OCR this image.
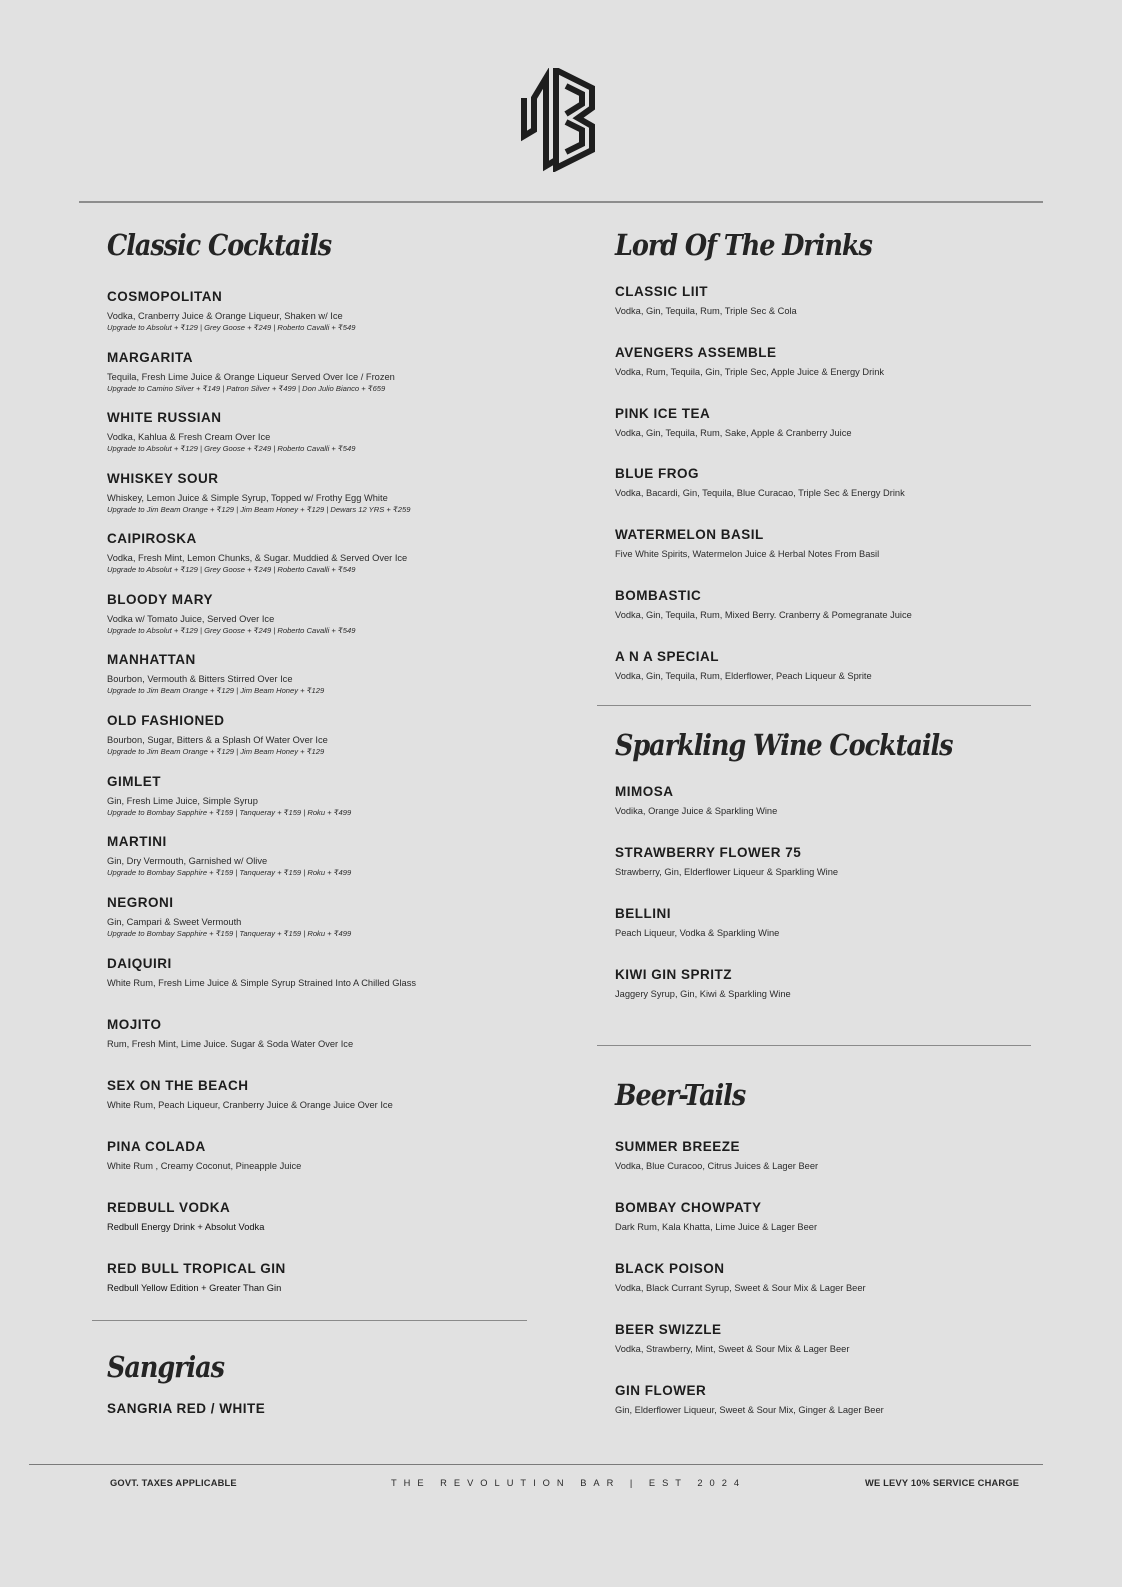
Classic Cocktails
COSMOPOLITAN
Vodka, Cranberry Juice & Orange Liqueur, Shaken w/ Ice
Upgrade to Absolut + ₹129 | Grey Goose + ₹249 | Roberto Cavalli + ₹549
MARGARITA
Tequila, Fresh Lime Juice & Orange Liqueur Served Over Ice / Frozen
Upgrade to Camino Silver + ₹149 | Patron Silver + ₹499 | Don Julio Bianco + ₹659
WHITE RUSSIAN
Vodka, Kahlua & Fresh Cream Over Ice
Upgrade to Absolut + ₹129 | Grey Goose + ₹249 | Roberto Cavalli + ₹549
WHISKEY SOUR
Whiskey, Lemon Juice & Simple Syrup, Topped w/ Frothy Egg White
Upgrade to Jim Beam Orange + ₹129 | Jim Beam Honey + ₹129 | Dewars 12 YRS + ₹259
CAIPIROSKA
Vodka, Fresh Mint, Lemon Chunks, & Sugar. Muddied & Served Over Ice
Upgrade to Absolut + ₹129 | Grey Goose + ₹249 | Roberto Cavalli + ₹549
BLOODY MARY
Vodka w/ Tomato Juice, Served Over Ice
Upgrade to Absolut + ₹129 | Grey Goose + ₹249 | Roberto Cavalli + ₹549
MANHATTAN
Bourbon, Vermouth & Bitters Stirred Over Ice
Upgrade to Jim Beam Orange + ₹129 | Jim Beam Honey + ₹129
OLD FASHIONED
Bourbon, Sugar, Bitters & a Splash Of Water Over Ice
Upgrade to Jim Beam Orange + ₹129 | Jim Beam Honey + ₹129
GIMLET
Gin, Fresh Lime Juice, Simple Syrup
Upgrade to Bombay Sapphire + ₹159 | Tanqueray + ₹159 | Roku + ₹499
MARTINI
Gin, Dry Vermouth, Garnished w/ Olive
Upgrade to Bombay Sapphire + ₹159 | Tanqueray + ₹159 | Roku + ₹499
NEGRONI
Gin, Campari & Sweet Vermouth
Upgrade to Bombay Sapphire + ₹159 | Tanqueray + ₹159 | Roku + ₹499
DAIQUIRI
White Rum, Fresh Lime Juice & Simple Syrup Strained Into A Chilled Glass
MOJITO
Rum, Fresh Mint, Lime Juice. Sugar & Soda Water Over Ice
SEX ON THE BEACH
White Rum, Peach Liqueur, Cranberry Juice & Orange Juice Over Ice
PINA COLADA
White Rum , Creamy Coconut, Pineapple Juice
REDBULL VODKA
Redbull Energy Drink + Absolut Vodka
RED BULL TROPICAL GIN
Redbull Yellow Edition + Greater Than Gin
Sangrias
SANGRIA RED / WHITE
Lord Of The Drinks
CLASSIC LIIT
Vodka, Gin, Tequila, Rum, Triple Sec & Cola
AVENGERS ASSEMBLE
Vodka, Rum, Tequila, Gin, Triple Sec, Apple Juice & Energy Drink
PINK ICE TEA
Vodka, Gin, Tequila, Rum, Sake, Apple & Cranberry Juice
BLUE FROG
Vodka, Bacardi, Gin, Tequila, Blue Curacao, Triple Sec & Energy Drink
WATERMELON BASIL
Five White Spirits, Watermelon Juice & Herbal Notes From Basil
BOMBASTIC
Vodka, Gin, Tequila, Rum, Mixed Berry. Cranberry & Pomegranate Juice
A N A SPECIAL
Vodka, Gin, Tequila, Rum, Elderflower, Peach Liqueur & Sprite
Sparkling Wine Cocktails
MIMOSA
Vodika, Orange Juice & Sparkling Wine
STRAWBERRY FLOWER 75
Strawberry, Gin, Elderflower Liqueur & Sparkling Wine
BELLINI
Peach Liqueur, Vodka & Sparkling Wine
KIWI GIN SPRITZ
Jaggery Syrup, Gin, Kiwi & Sparkling Wine
Beer-Tails
SUMMER BREEZE
Vodka, Blue Curacoo, Citrus Juices & Lager Beer
BOMBAY CHOWPATY
Dark Rum, Kala Khatta, Lime Juice & Lager Beer
BLACK POISON
Vodka, Black Currant Syrup, Sweet & Sour Mix & Lager Beer
BEER SWIZZLE
Vodka, Strawberry, Mint, Sweet & Sour Mix & Lager Beer
GIN FLOWER
Gin, Elderflower Liqueur, Sweet & Sour Mix, Ginger & Lager Beer
GOVT. TAXES APPLICABLE	THE REVOLUTION BAR | EST 2024	WE LEVY 10% SERVICE CHARGE
